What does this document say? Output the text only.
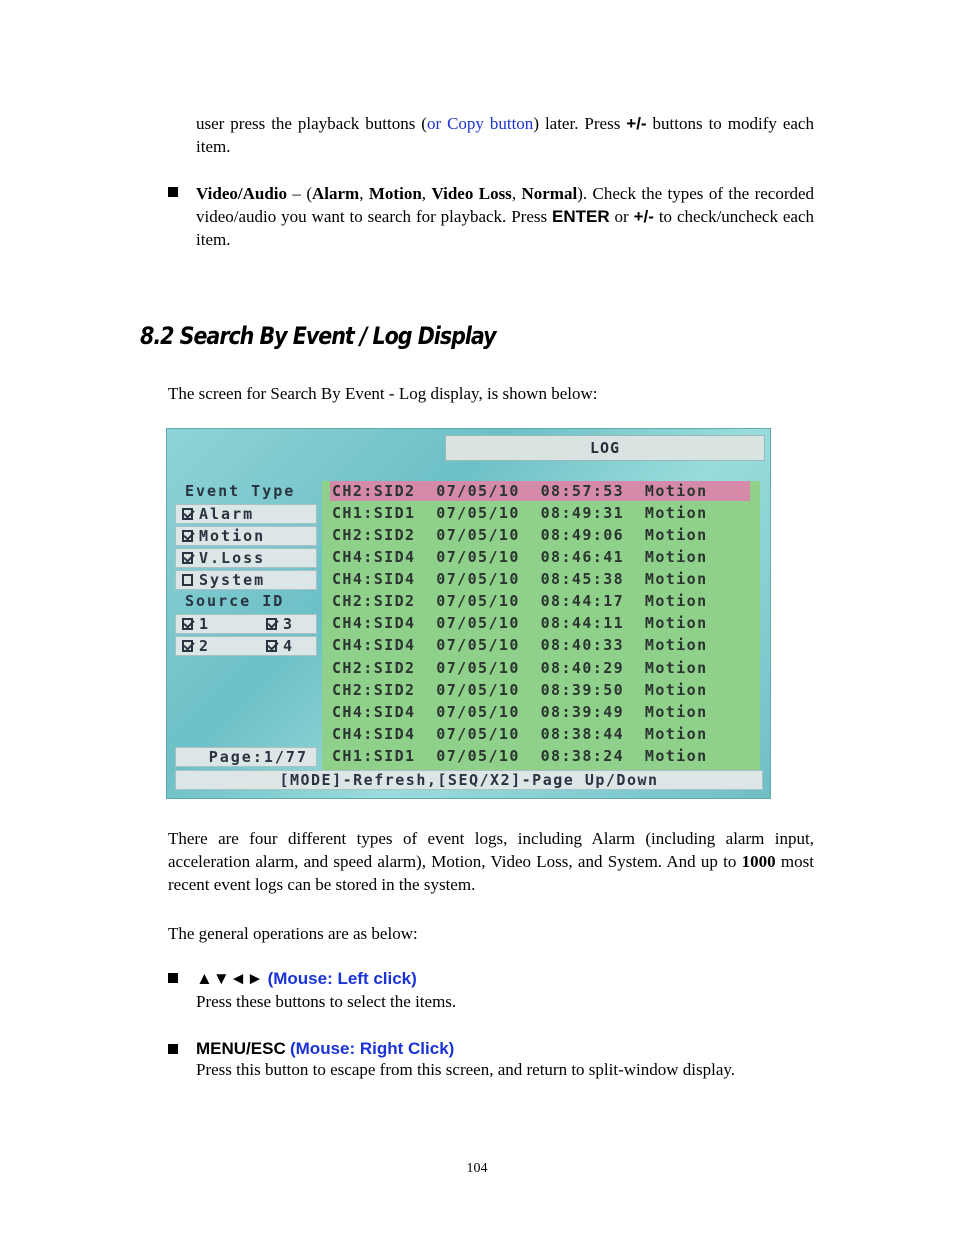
user press the playback buttons (or Copy button) later. Press +/- buttons to modify each item.
Video/Audio – (Alarm, Motion, Video Loss, Normal). Check the types of the recorded video/audio you want to search for playback. Press ENTER or +/- to check/uncheck each item.
8.2 Search By Event / Log Display
The screen for Search By Event - Log display, is shown below:
LOG
Event Type
Alarm
Motion
V.Loss
System
Source ID
1	3
2	4
CH2:SID2  07/05/10  08:57:53  Motion
CH1:SID1  07/05/10  08:49:31  Motion
CH2:SID2  07/05/10  08:49:06  Motion
CH4:SID4  07/05/10  08:46:41  Motion
CH4:SID4  07/05/10  08:45:38  Motion
CH2:SID2  07/05/10  08:44:17  Motion
CH4:SID4  07/05/10  08:44:11  Motion
CH4:SID4  07/05/10  08:40:33  Motion
CH2:SID2  07/05/10  08:40:29  Motion
CH2:SID2  07/05/10  08:39:50  Motion
CH4:SID4  07/05/10  08:39:49  Motion
CH4:SID4  07/05/10  08:38:44  Motion
CH1:SID1  07/05/10  08:38:24  Motion
Page:1/77
[MODE]-Refresh,[SEQ/X2]-Page Up/Down
There are four different types of event logs, including Alarm (including alarm input, acceleration alarm, and speed alarm), Motion, Video Loss, and System. And up to 1000 most recent event logs can be stored in the system.
The general operations are as below:
▲▼◄► (Mouse: Left click)
Press these buttons to select the items.
MENU/ESC (Mouse: Right Click)
Press this button to escape from this screen, and return to split-window display.
104
